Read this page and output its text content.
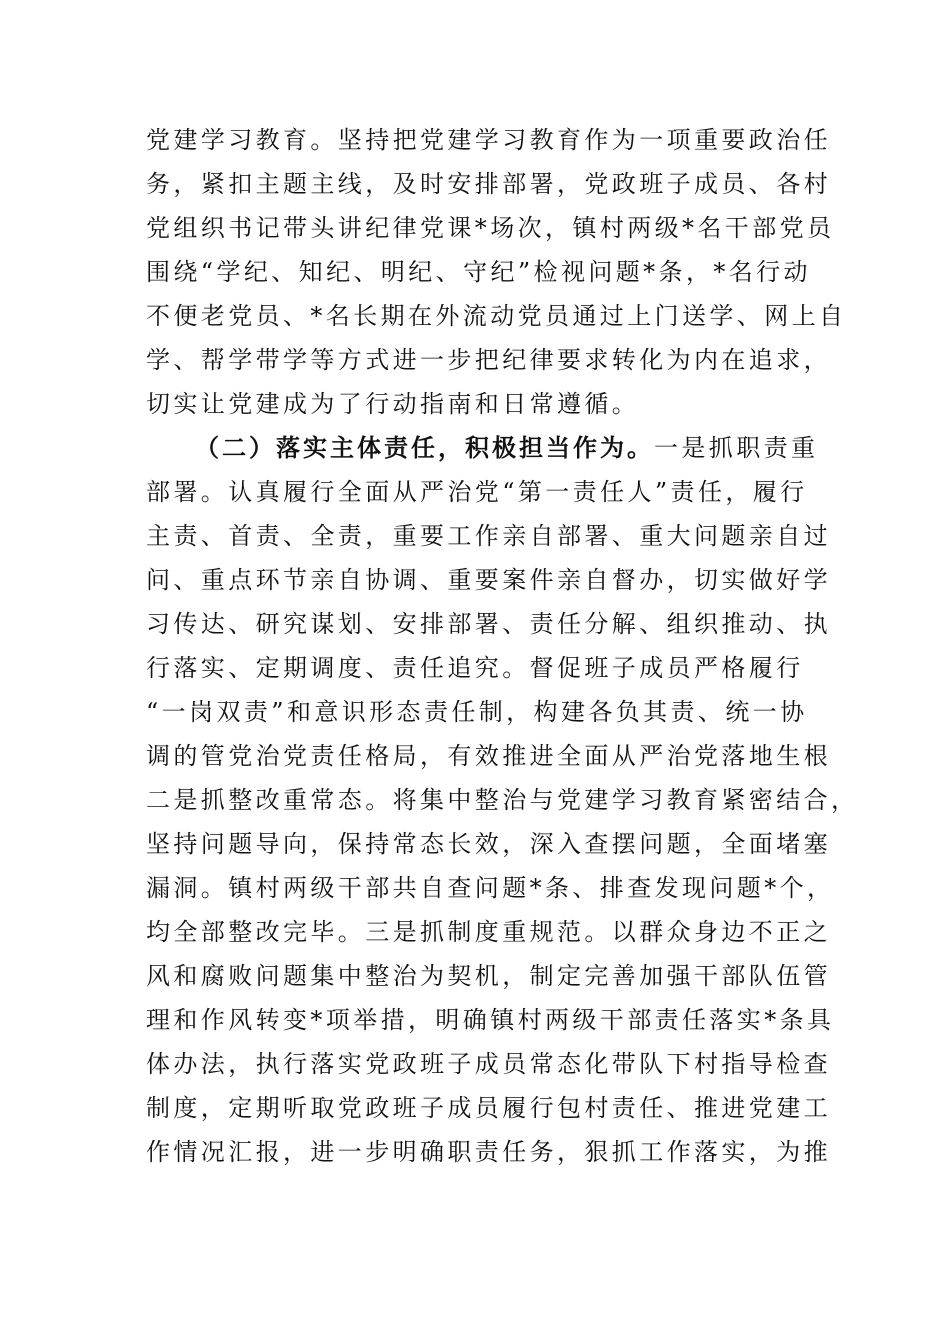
党建学习教育。坚持把党建学习教育作为一项重要政治任
务，紧扣主题主线，及时安排部署，党政班子成员、各村
党组织书记带头讲纪律党课*场次，镇村两级*名干部党员
围绕“学纪、知纪、明纪、守纪”检视问题*条，*名行动
不便老党员、*名长期在外流动党员通过上门送学、网上自
学、帮学带学等方式进一步把纪律要求转化为内在追求，
切实让党建成为了行动指南和日常遵循。
（二）落实主体责任，积极担当作为。一是抓职责重
部署。认真履行全面从严治党“第一责任人”责任，履行
主责、首责、全责，重要工作亲自部署、重大问题亲自过
问、重点环节亲自协调、重要案件亲自督办，切实做好学
习传达、研究谋划、安排部署、责任分解、组织推动、执
行落实、定期调度、责任追究。督促班子成员严格履行
“一岗双责”和意识形态责任制，构建各负其责、统一协
调的管党治党责任格局，有效推进全面从严治党落地生根
二是抓整改重常态。将集中整治与党建学习教育紧密结合，
坚持问题导向，保持常态长效，深入查摆问题，全面堵塞
漏洞。镇村两级干部共自查问题*条、排查发现问题*个，
均全部整改完毕。三是抓制度重规范。以群众身边不正之
风和腐败问题集中整治为契机，制定完善加强干部队伍管
理和作风转变*项举措，明确镇村两级干部责任落实*条具
体办法，执行落实党政班子成员常态化带队下村指导检查
制度，定期听取党政班子成员履行包村责任、推进党建工
作情况汇报，进一步明确职责任务，狠抓工作落实，为推
